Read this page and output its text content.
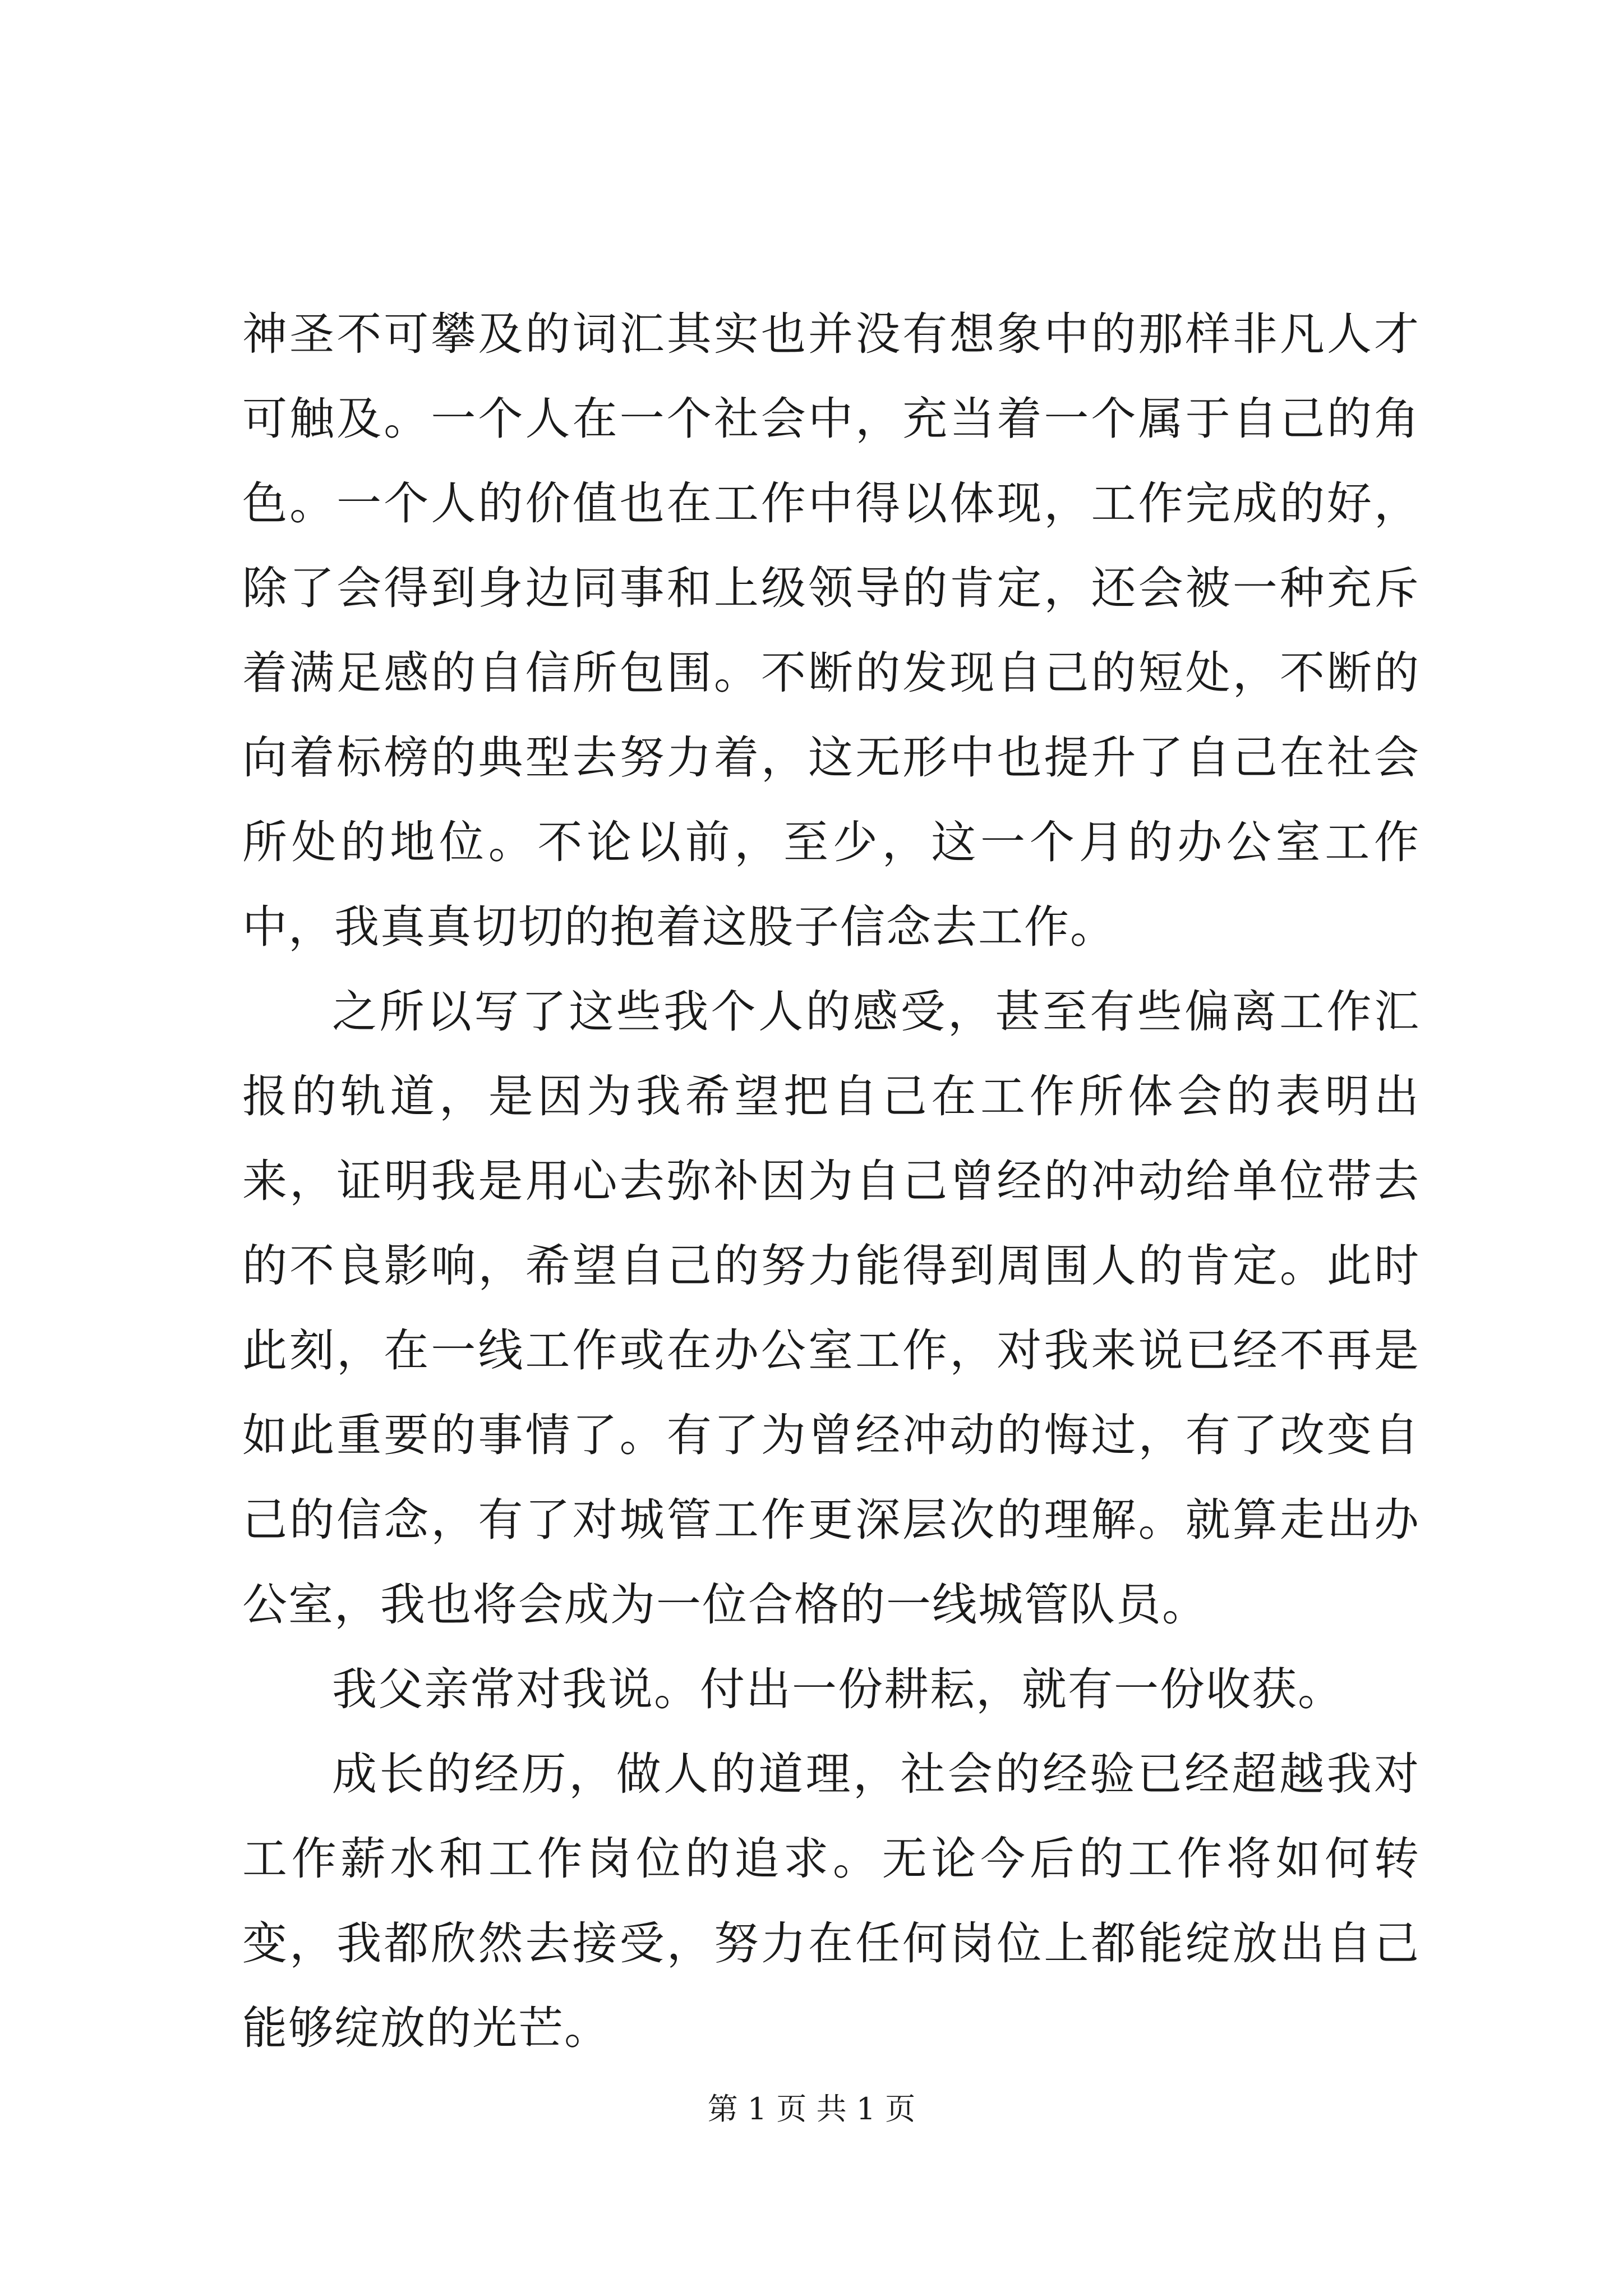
神圣不可攀及的词汇其实也并没有想象中的那样非凡人才可触及。一个人在一个社会中，充当着一个属于自己的角色。一个人的价值也在工作中得以体现，工作完成的好，除了会得到身边同事和上级领导的肯定，还会被一种充斥着满足感的自信所包围。不断的发现自己的短处，不断的向着标榜的典型去努力着，这无形中也提升了自己在社会所处的地位。不论以前，至少，这一个月的办公室工作中，我真真切切的抱着这股子信念去工作。

之所以写了这些我个人的感受，甚至有些偏离工作汇报的轨道，是因为我希望把自己在工作所体会的表明出来，证明我是用心去弥补因为自己曾经的冲动给单位带去的不良影响，希望自己的努力能得到周围人的肯定。此时此刻，在一线工作或在办公室工作，对我来说已经不再是如此重要的事情了。有了为曾经冲动的悔过，有了改变自己的信念，有了对城管工作更深层次的理解。就算走出办公室，我也将会成为一位合格的一线城管队员。

我父亲常对我说。付出一份耕耘，就有一份收获。

成长的经历，做人的道理，社会的经验已经超越我对工作薪水和工作岗位的追求。无论今后的工作将如何转变，我都欣然去接受，努力在任何岗位上都能绽放出自己能够绽放的光芒。

第 1 页 共 1 页
